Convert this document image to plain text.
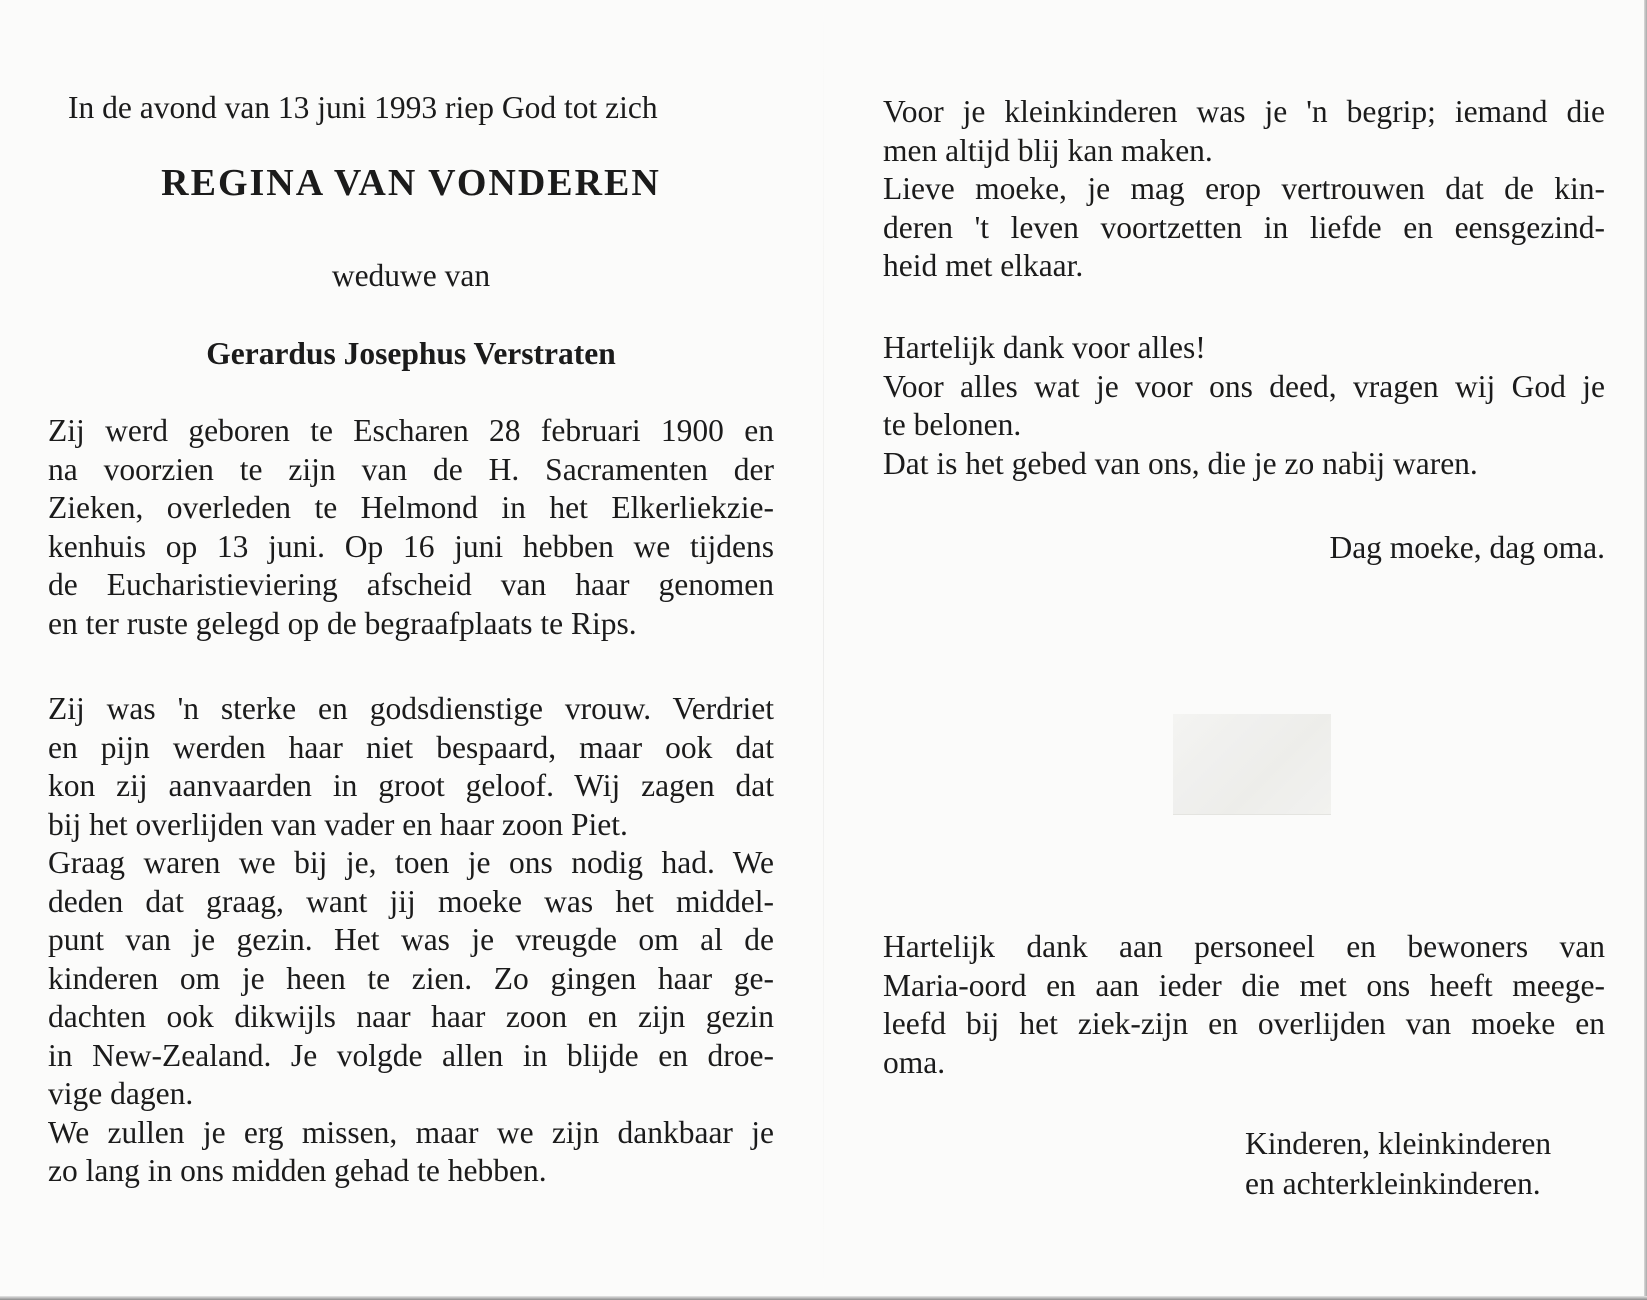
In de avond van 13 juni 1993 riep God tot zich
REGINA VAN VONDEREN
weduwe van
Gerardus Josephus Verstraten
Zij werd geboren te Escharen 28 februari 1900 en
na voorzien te zijn van de H. Sacramenten der
Zieken, overleden te Helmond in het Elkerliekzie-
kenhuis op 13 juni. Op 16 juni hebben we tijdens
de Eucharistieviering afscheid van haar genomen
en ter ruste gelegd op de begraafplaats te Rips.
Zij was 'n sterke en godsdienstige vrouw. Verdriet
en pijn werden haar niet bespaard, maar ook dat
kon zij aanvaarden in groot geloof. Wij zagen dat
bij het overlijden van vader en haar zoon Piet.
Graag waren we bij je, toen je ons nodig had. We
deden dat graag, want jij moeke was het middel-
punt van je gezin. Het was je vreugde om al de
kinderen om je heen te zien. Zo gingen haar ge-
dachten ook dikwijls naar haar zoon en zijn gezin
in New-Zealand. Je volgde allen in blijde en droe-
vige dagen.
We zullen je erg missen, maar we zijn dankbaar je
zo lang in ons midden gehad te hebben.
Voor je kleinkinderen was je 'n begrip; iemand die
men altijd blij kan maken.
Lieve moeke, je mag erop vertrouwen dat de kin-
deren 't leven voortzetten in liefde en eensgezind-
heid met elkaar.
Hartelijk dank voor alles!
Voor alles wat je voor ons deed, vragen wij God je
te belonen.
Dat is het gebed van ons, die je zo nabij waren.
Dag moeke, dag oma.
Hartelijk dank aan personeel en bewoners van
Maria-oord en aan ieder die met ons heeft meege-
leefd bij het ziek-zijn en overlijden van moeke en
oma.
Kinderen, kleinkinderen
en achterkleinkinderen.
